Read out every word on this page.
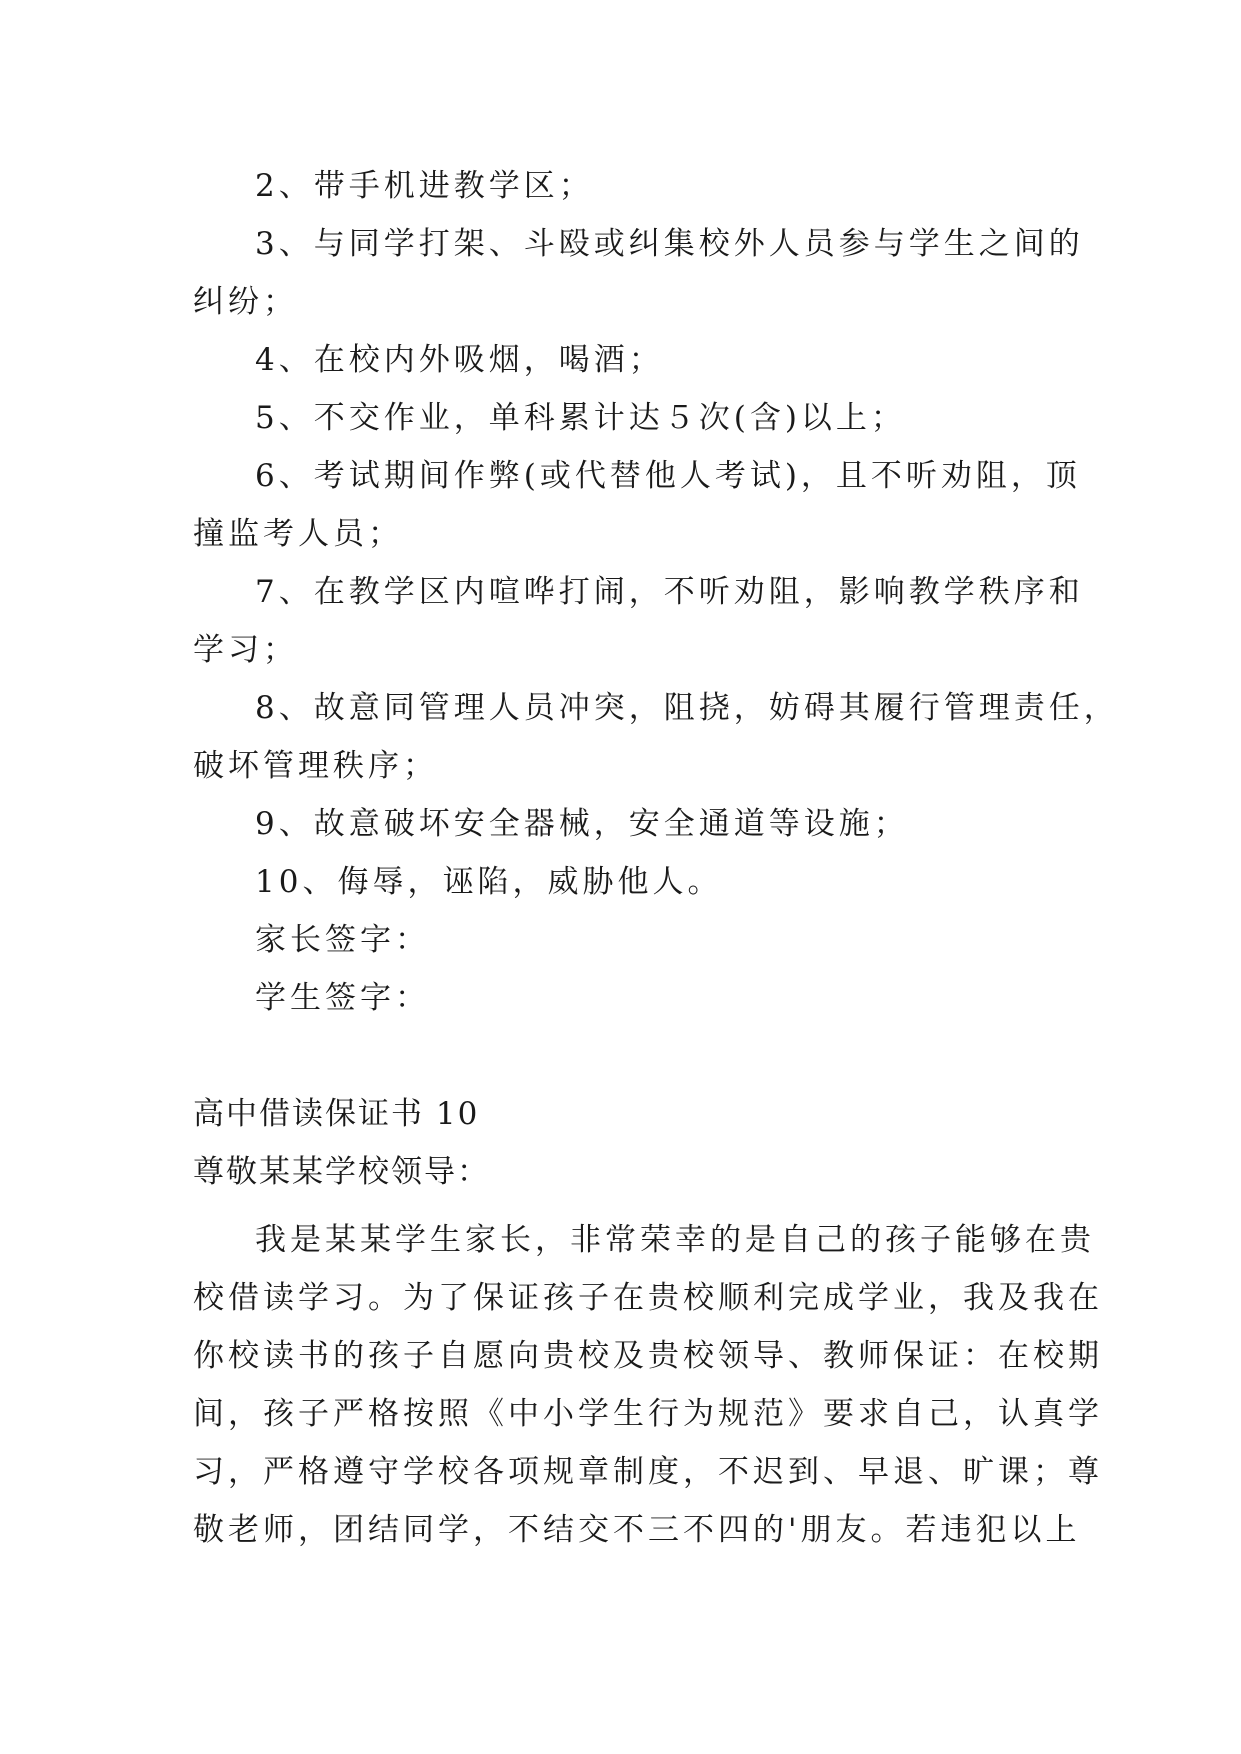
2、带手机进教学区；
3、与同学打架、斗殴或纠集校外人员参与学生之间的
纠纷；
4、在校内外吸烟，喝酒；
5、不交作业，单科累计达５次(含)以上；
6、考试期间作弊(或代替他人考试)，且不听劝阻，顶
撞监考人员；
7、在教学区内喧哗打闹，不听劝阻，影响教学秩序和
学习；
8、故意同管理人员冲突，阻挠，妨碍其履行管理责任，
破坏管理秩序；
9、故意破坏安全器械，安全通道等设施；
10、侮辱，诬陷，威胁他人。
家长签字：
学生签字：
高中借读保证书 10
尊敬某某学校领导：
我是某某学生家长，非常荣幸的是自己的孩子能够在贵
校借读学习。为了保证孩子在贵校顺利完成学业，我及我在
你校读书的孩子自愿向贵校及贵校领导、教师保证：在校期
间，孩子严格按照《中小学生行为规范》要求自己，认真学
习，严格遵守学校各项规章制度，不迟到、早退、旷课；尊
敬老师，团结同学，不结交不三不四的'朋友。若违犯以上
